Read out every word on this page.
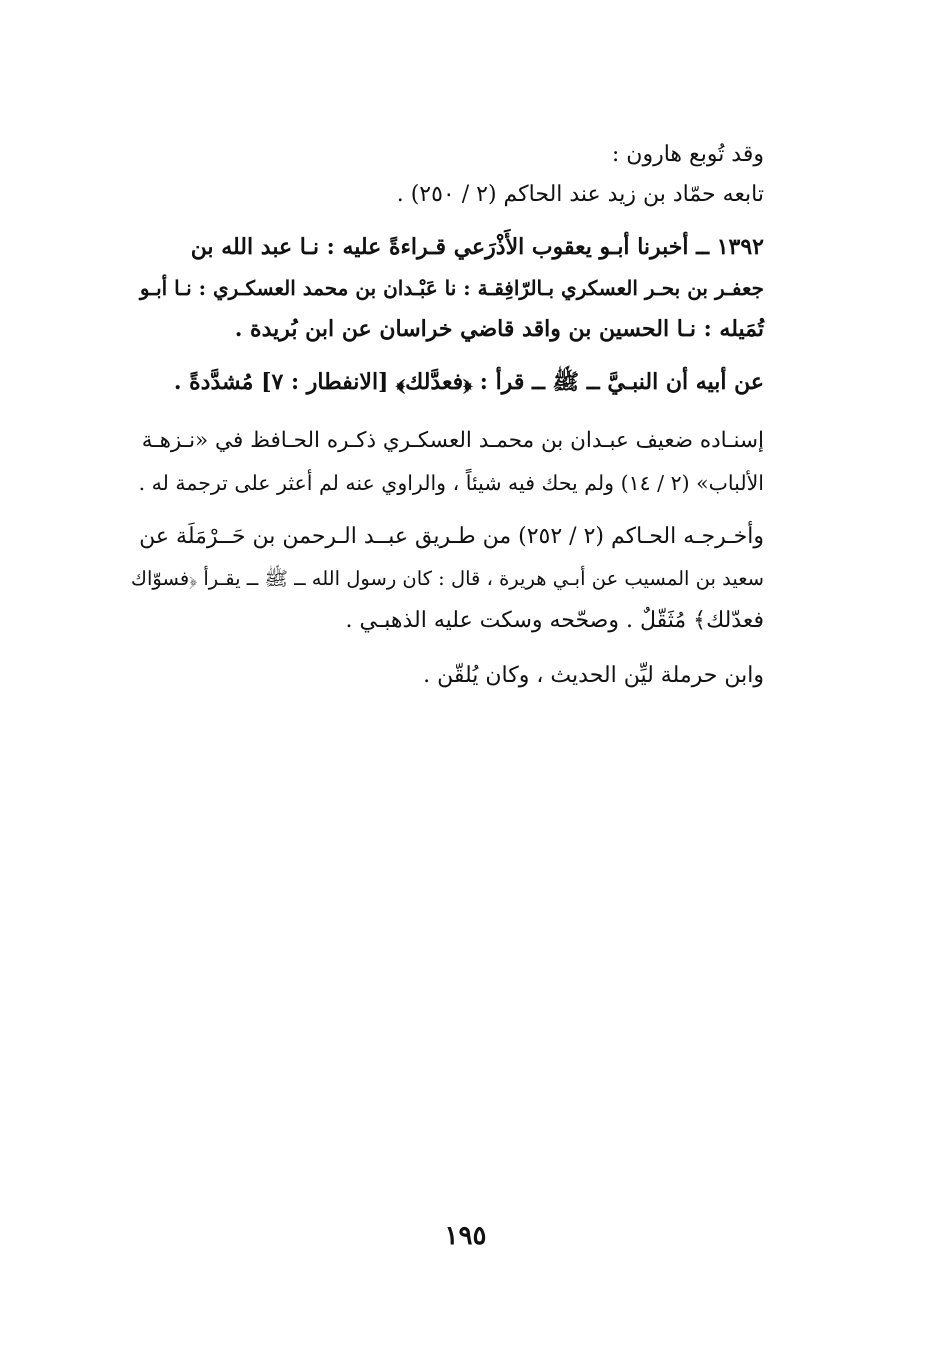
وقد تُوبع هارون :
تابعه حمّاد بن زيد عند الحاكم (٢ / ٢٥٠) .
١٣٩٢ ــ أخبرنا أبـو يعقوب الأَذْرَعي قـراءةً عليه : نـا عبد الله بن
جعفـر بن بحـر العسكري بـالرّافِقـة : نا عَبْـدان بن محمد العسكـري : نـا أبـو
تُمَيله : نـا الحسين بن واقد قاضي خراسان عن ابن بُريدة .
عن أبيه أن النبـيَّ ــ ﷺ ــ قرأ : ﴿فعدَّلك﴾ [الانفطار : ٧] مُشدَّدةً .
إسنـاده ضعيف عبـدان بن محمـد العسكـري ذكـره الحـافظ في «نـزهـة
الألباب» (٢ / ١٤) ولم يحك فيه شيئاً ، والراوي عنه لم أعثر على ترجمة له .
وأخـرجـه الحـاكم (٢ / ٢٥٢) من طـريق عبــد الـرحمن بن حَــرْمَلَة عن
سعيد بن المسيب عن أبـي هريرة ، قال : كان رسول الله ــ ﷺ ــ يقـرأ ﴿فسوّاك
فعدّلك﴾ مُثَقّلٌ . وصحّحه وسكت عليه الذهبـي .
وابن حرملة ليِّن الحديث ، وكان يُلقّن .
١٩٥
